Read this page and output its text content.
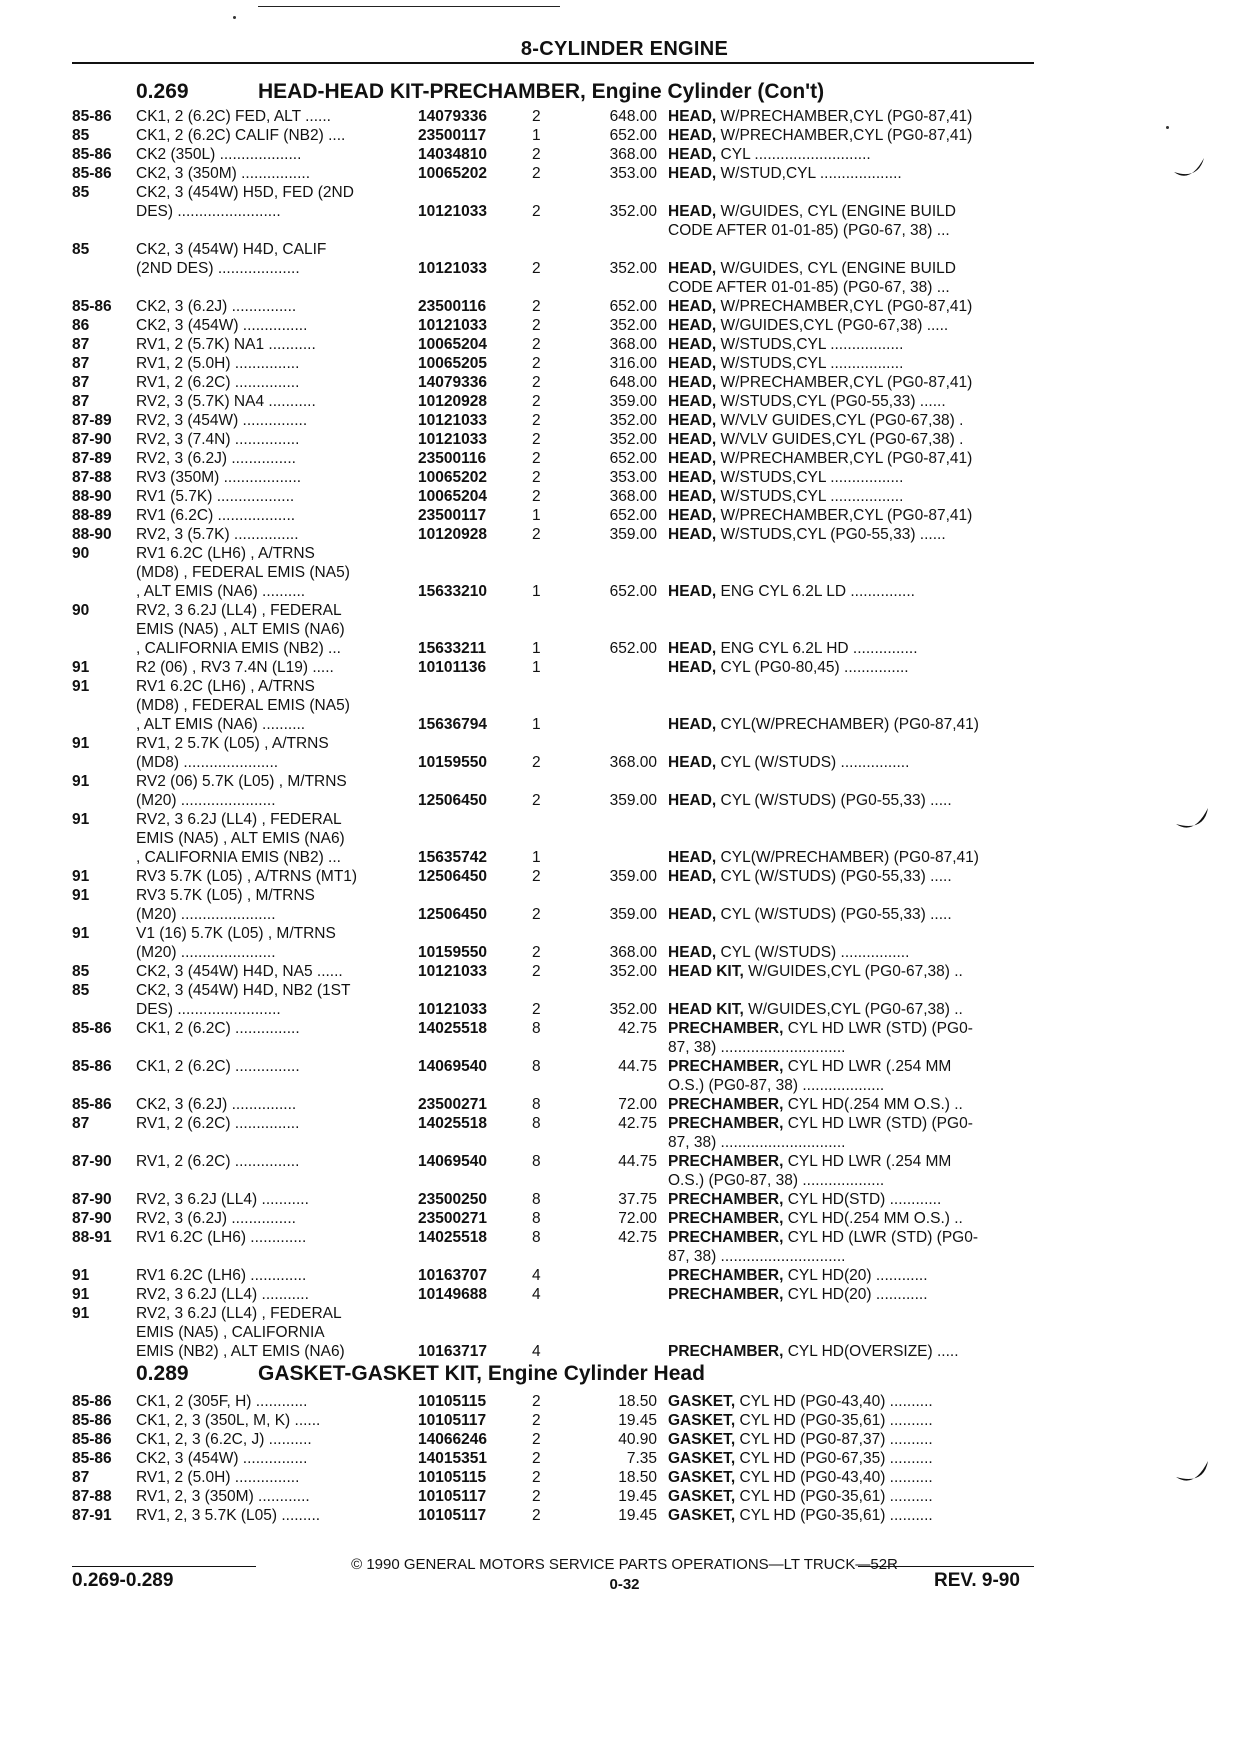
8-CYLINDER ENGINE
0.269	HEAD-HEAD KIT-PRECHAMBER, Engine Cylinder (Con't)
85-86	CK1, 2 (6.2C) FED, ALT ......	14079336	2	648.00 HEAD, W/PRECHAMBER,CYL (PG0-87,41)
85	CK1, 2 (6.2C) CALIF (NB2) ....	23500117	1	652.00 HEAD, W/PRECHAMBER,CYL (PG0-87,41)
85-86	CK2 (350L) ...................	14034810	2	368.00 HEAD, CYL ...........................
85-86	CK2, 3 (350M) ................	10065202	2	353.00 HEAD, W/STUD,CYL ...................
85	CK2, 3 (454W) H5D, FED (2ND
DES) ........................	10121033	2	352.00 HEAD, W/GUIDES, CYL (ENGINE BUILD
CODE AFTER 01-01-85) (PG0-67, 38) ...
85	CK2, 3 (454W) H4D, CALIF
(2ND DES) ...................	10121033	2	352.00 HEAD, W/GUIDES, CYL (ENGINE BUILD
CODE AFTER 01-01-85) (PG0-67, 38) ...
85-86	CK2, 3 (6.2J) ...............	23500116	2	652.00 HEAD, W/PRECHAMBER,CYL (PG0-87,41)
86	CK2, 3 (454W) ...............	10121033	2	352.00 HEAD, W/GUIDES,CYL (PG0-67,38) .....
87	RV1, 2 (5.7K) NA1 ...........	10065204	2	368.00 HEAD, W/STUDS,CYL .................
87	RV1, 2 (5.0H) ...............	10065205	2	316.00 HEAD, W/STUDS,CYL .................
87	RV1, 2 (6.2C) ...............	14079336	2	648.00 HEAD, W/PRECHAMBER,CYL (PG0-87,41)
87	RV2, 3 (5.7K) NA4 ...........	10120928	2	359.00 HEAD, W/STUDS,CYL (PG0-55,33) ......
87-89	RV2, 3 (454W) ...............	10121033	2	352.00 HEAD, W/VLV GUIDES,CYL (PG0-67,38) .
87-90	RV2, 3 (7.4N) ...............	10121033	2	352.00 HEAD, W/VLV GUIDES,CYL (PG0-67,38) .
87-89	RV2, 3 (6.2J) ...............	23500116	2	652.00 HEAD, W/PRECHAMBER,CYL (PG0-87,41)
87-88	RV3 (350M) ..................	10065202	2	353.00 HEAD, W/STUDS,CYL .................
88-90	RV1 (5.7K) ..................	10065204	2	368.00 HEAD, W/STUDS,CYL .................
88-89	RV1 (6.2C) ..................	23500117	1	652.00 HEAD, W/PRECHAMBER,CYL (PG0-87,41)
88-90	RV2, 3 (5.7K) ...............	10120928	2	359.00 HEAD, W/STUDS,CYL (PG0-55,33) ......
90	RV1 6.2C (LH6) , A/TRNS
(MD8) , FEDERAL EMIS (NA5)
, ALT EMIS (NA6) ..........	15633210	1	652.00 HEAD, ENG CYL 6.2L LD ...............
90	RV2, 3 6.2J (LL4) , FEDERAL
EMIS (NA5) , ALT EMIS (NA6)
, CALIFORNIA EMIS (NB2) ...	15633211	1	652.00 HEAD, ENG CYL 6.2L HD ...............
91	R2 (06) , RV3 7.4N (L19) .....	10101136	1	HEAD, CYL (PG0-80,45) ...............
91	RV1 6.2C (LH6) , A/TRNS
(MD8) , FEDERAL EMIS (NA5)
, ALT EMIS (NA6) ..........	15636794	1	HEAD, CYL(W/PRECHAMBER) (PG0-87,41)
91	RV1, 2 5.7K (L05) , A/TRNS
(MD8) ......................	10159550	2	368.00 HEAD, CYL (W/STUDS) ................
91	RV2 (06) 5.7K (L05) , M/TRNS
(M20) ......................	12506450	2	359.00 HEAD, CYL (W/STUDS) (PG0-55,33) .....
91	RV2, 3 6.2J (LL4) , FEDERAL
EMIS (NA5) , ALT EMIS (NA6)
, CALIFORNIA EMIS (NB2) ...	15635742	1	HEAD, CYL(W/PRECHAMBER) (PG0-87,41)
91	RV3 5.7K (L05) , A/TRNS (MT1)	12506450	2	359.00 HEAD, CYL (W/STUDS) (PG0-55,33) .....
91	RV3 5.7K (L05) , M/TRNS
(M20) ......................	12506450	2	359.00 HEAD, CYL (W/STUDS) (PG0-55,33) .....
91	V1 (16) 5.7K (L05) , M/TRNS
(M20) ......................	10159550	2	368.00 HEAD, CYL (W/STUDS) ................
85	CK2, 3 (454W) H4D, NA5 ......	10121033	2	352.00 HEAD KIT, W/GUIDES,CYL (PG0-67,38) ..
85	CK2, 3 (454W) H4D, NB2 (1ST
DES) ........................	10121033	2	352.00 HEAD KIT, W/GUIDES,CYL (PG0-67,38) ..
85-86	CK1, 2 (6.2C) ...............	14025518	8	42.75 PRECHAMBER, CYL HD LWR (STD) (PG0-
87, 38) .............................
85-86	CK1, 2 (6.2C) ...............	14069540	8	44.75 PRECHAMBER, CYL HD LWR (.254 MM
O.S.) (PG0-87, 38) ...................
85-86	CK2, 3 (6.2J) ...............	23500271	8	72.00 PRECHAMBER, CYL HD(.254 MM O.S.) ..
87	RV1, 2 (6.2C) ...............	14025518	8	42.75 PRECHAMBER, CYL HD LWR (STD) (PG0-
87, 38) .............................
87-90	RV1, 2 (6.2C) ...............	14069540	8	44.75 PRECHAMBER, CYL HD LWR (.254 MM
O.S.) (PG0-87, 38) ...................
87-90	RV2, 3 6.2J (LL4) ...........	23500250	8	37.75 PRECHAMBER, CYL HD(STD) ............
87-90	RV2, 3 (6.2J) ...............	23500271	8	72.00 PRECHAMBER, CYL HD(.254 MM O.S.) ..
88-91	RV1 6.2C (LH6) .............	14025518	8	42.75 PRECHAMBER, CYL HD (LWR (STD) (PG0-
87, 38) .............................
91	RV1 6.2C (LH6) .............	10163707	4	PRECHAMBER, CYL HD(20) ............
91	RV2, 3 6.2J (LL4) ...........	10149688	4	PRECHAMBER, CYL HD(20) ............
91	RV2, 3 6.2J (LL4) , FEDERAL
EMIS (NA5) , CALIFORNIA
EMIS (NB2) , ALT EMIS (NA6)	10163717	4	PRECHAMBER, CYL HD(OVERSIZE) .....
0.289	GASKET-GASKET KIT, Engine Cylinder Head
85-86	CK1, 2 (305F, H) ............	10105115	2	18.50 GASKET, CYL HD (PG0-43,40) ..........
85-86	CK1, 2, 3 (350L, M, K) ......	10105117	2	19.45 GASKET, CYL HD (PG0-35,61) ..........
85-86	CK1, 2, 3 (6.2C, J) ..........	14066246	2	40.90 GASKET, CYL HD (PG0-87,37) ..........
85-86	CK2, 3 (454W) ...............	14015351	2	7.35 GASKET, CYL HD (PG0-67,35) ..........
87	RV1, 2 (5.0H) ...............	10105115	2	18.50 GASKET, CYL HD (PG0-43,40) ..........
87-88	RV1, 2, 3 (350M) ............	10105117	2	19.45 GASKET, CYL HD (PG0-35,61) ..........
87-91	RV1, 2, 3 5.7K (L05) .........	10105117	2	19.45 GASKET, CYL HD (PG0-35,61) ..........
© 1990 GENERAL MOTORS SERVICE PARTS OPERATIONS—LT TRUCK—52R
0.269-0.289	0-32	REV. 9-90
